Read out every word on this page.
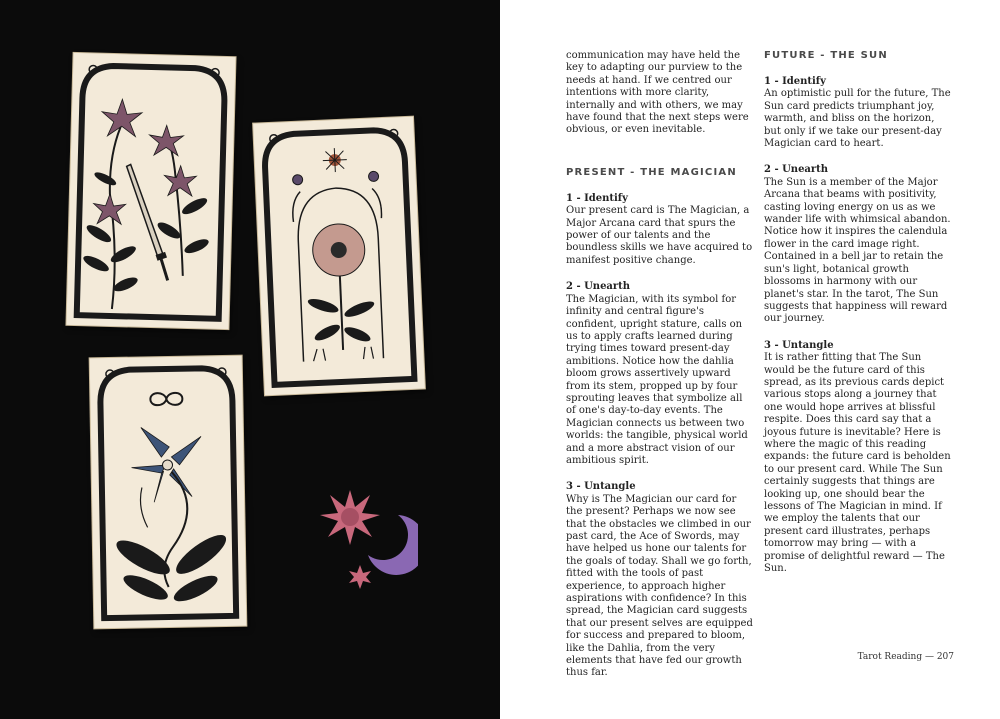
communication may have held the key to adapting our purview to the needs at hand. If we centred our intentions with more clarity, internally and with others, we may have found that the next steps were obvious, or even inevitable.

PRESENT - THE MAGICIAN

1 - Identify

Our present card is The Magician, a Major Arcana card that spurs the power of our talents and the boundless skills we have acquired to manifest positive change.

2 - Unearth

The Magician, with its symbol for infinity and central figure's confident, upright stature, calls on us to apply crafts learned during trying times toward present-day ambitions. Notice how the dahlia bloom grows assertively upward from its stem, propped up by four sprouting leaves that symbolize all of one's day-to-day events. The Magician connects us between two worlds: the tangible, physical world and a more abstract vision of our ambitious spirit.

3 - Untangle

Why is The Magician our card for the present? Perhaps we now see that the obstacles we climbed in our past card, the Ace of Swords, may have helped us hone our talents for the goals of today. Shall we go forth, fitted with the tools of past experience, to approach higher aspirations with confidence? In this spread, the Magician card suggests that our present selves are equipped for success and prepared to bloom, like the Dahlia, from the very elements that have fed our growth thus far.

FUTURE - THE SUN

1 - Identify

An optimistic pull for the future, The Sun card predicts triumphant joy, warmth, and bliss on the horizon, but only if we take our present-day Magician card to heart.

2 - Unearth

The Sun is a member of the Major Arcana that beams with positivity, casting loving energy on us as we wander life with whimsical abandon. Notice how it inspires the calendula flower in the card image right. Contained in a bell jar to retain the sun's light, botanical growth blossoms in harmony with our planet's star. In the tarot, The Sun suggests that happiness will reward our journey.

3 - Untangle

It is rather fitting that The Sun would be the future card of this spread, as its previous cards depict various stops along a journey that one would hope arrives at blissful respite. Does this card say that a joyous future is inevitable? Here is where the magic of this reading expands: the future card is beholden to our present card. While The Sun certainly suggests that things are looking up, one should bear the lessons of The Magician in mind. If we employ the talents that our present card illustrates, perhaps tomorrow may bring — with a promise of delightful reward — The Sun.

Tarot Reading — 207
